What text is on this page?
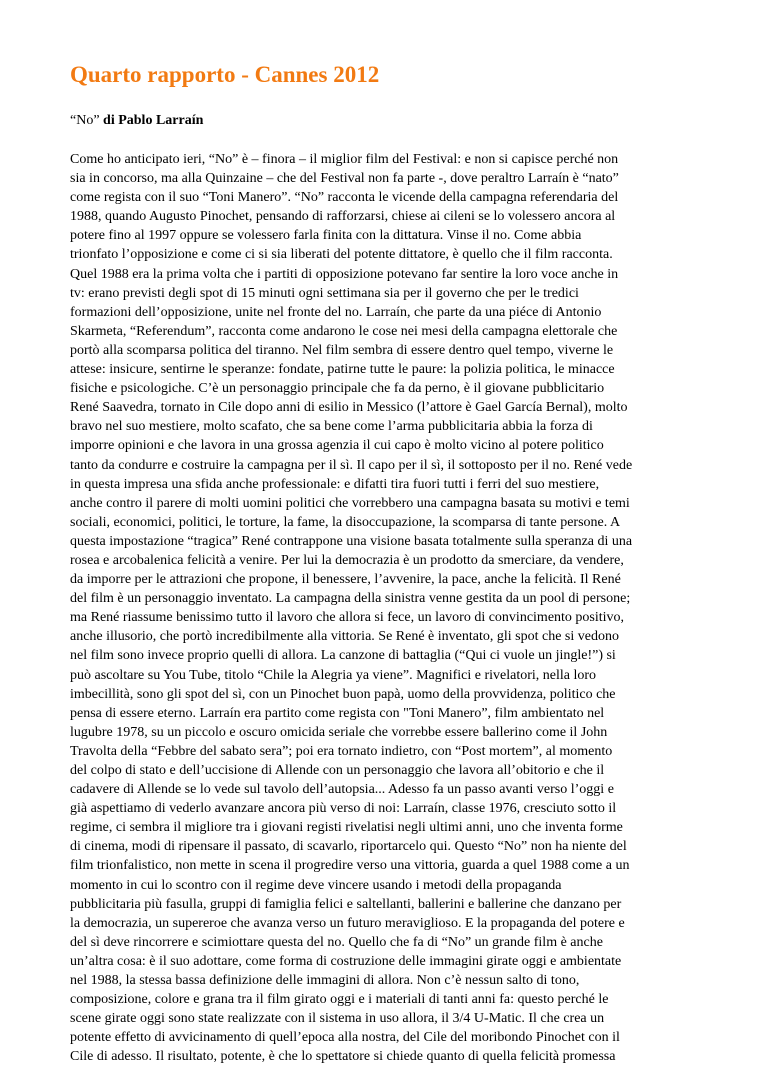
Quarto rapporto - Cannes 2012

“No” di Pablo Larraín

Come ho anticipato ieri, “No” è – finora – il miglior film del Festival: e non si capisce perché non
sia in concorso, ma alla Quinzaine – che del Festival non fa parte -, dove peraltro Larraín è “nato”
come regista con il suo “Toni Manero”. “No” racconta le vicende della campagna referendaria del
1988, quando Augusto Pinochet, pensando di rafforzarsi, chiese ai cileni se lo volessero ancora al
potere fino al 1997 oppure se volessero farla finita con la dittatura. Vinse il no. Come abbia
trionfato l’opposizione e come ci si sia liberati del potente dittatore, è quello che il film racconta.
Quel 1988 era la prima volta che i partiti di opposizione potevano far sentire la loro voce anche in
tv: erano previsti degli spot di 15 minuti ogni settimana sia per il governo che per le tredici
formazioni dell’opposizione, unite nel fronte del no. Larraín, che parte da una piéce di Antonio
Skarmeta, “Referendum”, racconta come andarono le cose nei mesi della campagna elettorale che
portò alla scomparsa politica del tiranno. Nel film sembra di essere dentro quel tempo, viverne le
attese: insicure, sentirne le speranze: fondate, patirne tutte le paure: la polizia politica, le minacce
fisiche e psicologiche. C’è un personaggio principale che fa da perno, è il giovane pubblicitario
René Saavedra, tornato in Cile dopo anni di esilio in Messico (l’attore è Gael García Bernal), molto
bravo nel suo mestiere, molto scafato, che sa bene come l’arma pubblicitaria abbia la forza di
imporre opinioni e che lavora in una grossa agenzia il cui capo è molto vicino al potere politico
tanto da condurre e costruire la campagna per il sì. Il capo per il sì, il sottoposto per il no. René vede
in questa impresa una sfida anche professionale: e difatti tira fuori tutti i ferri del suo mestiere,
anche contro il parere di molti uomini politici che vorrebbero una campagna basata su motivi e temi
sociali, economici, politici, le torture, la fame, la disoccupazione, la scomparsa di tante persone. A
questa impostazione “tragica” René contrappone una visione basata totalmente sulla speranza di una
rosea e arcobalenica felicità a venire. Per lui la democrazia è un prodotto da smerciare, da vendere,
da imporre per le attrazioni che propone, il benessere, l’avvenire, la pace, anche la felicità. Il René
del film è un personaggio inventato. La campagna della sinistra venne gestita da un pool di persone;
ma René riassume benissimo tutto il lavoro che allora si fece, un lavoro di convincimento positivo,
anche illusorio, che portò incredibilmente alla vittoria. Se René è inventato, gli spot che si vedono
nel film sono invece proprio quelli di allora. La canzone di battaglia (“Qui ci vuole un jingle!”) si
può ascoltare su You Tube, titolo “Chile la Alegria ya viene”. Magnifici e rivelatori, nella loro
imbecillità, sono gli spot del sì, con un Pinochet buon papà, uomo della provvidenza, politico che
pensa di essere eterno. Larraín era partito come regista con "Toni Manero”, film ambientato nel
lugubre 1978, su un piccolo e oscuro omicida seriale che vorrebbe essere ballerino come il John
Travolta della “Febbre del sabato sera”; poi era tornato indietro, con “Post mortem”, al momento
del colpo di stato e dell’uccisione di Allende con un personaggio che lavora all’obitorio e che il
cadavere di Allende se lo vede sul tavolo dell’autopsia... Adesso fa un passo avanti verso l’oggi e
già aspettiamo di vederlo avanzare ancora più verso di noi: Larraín, classe 1976, cresciuto sotto il
regime, ci sembra il migliore tra i giovani registi rivelatisi negli ultimi anni, uno che inventa forme
di cinema, modi di ripensare il passato, di scavarlo, riportarcelo qui. Questo “No” non ha niente del
film trionfalistico, non mette in scena il progredire verso una vittoria, guarda a quel 1988 come a un
momento in cui lo scontro con il regime deve vincere usando i metodi della propaganda
pubblicitaria più fasulla, gruppi di famiglia felici e saltellanti, ballerini e ballerine che danzano per
la democrazia, un supereroe che avanza verso un futuro meraviglioso. E la propaganda del potere e
del sì deve rincorrere e scimiottare questa del no. Quello che fa di “No” un grande film è anche
un’altra cosa: è il suo adottare, come forma di costruzione delle immagini girate oggi e ambientate
nel 1988, la stessa bassa definizione delle immagini di allora. Non c’è nessun salto di tono,
composizione, colore e grana tra il film girato oggi e i materiali di tanti anni fa: questo perché le
scene girate oggi sono state realizzate con il sistema in uso allora, il 3/4 U-Matic. Il che crea un
potente effetto di avvicinamento di quell’epoca alla nostra, del Cile del moribondo Pinochet con il
Cile di adesso. Il risultato, potente, è che lo spettatore si chiede quanto di quella felicità promessa
